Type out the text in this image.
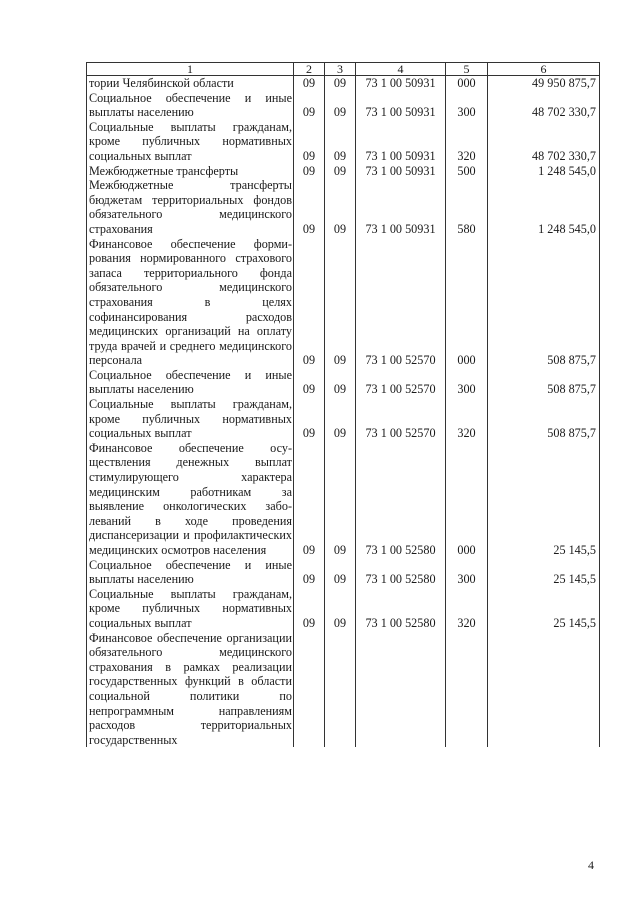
1	2	3	4	5	6
тории Челябинской области	09	09	73 1 00 50931	000	49 950 875,7
Социальное обеспечение и иные выплаты населению	09	09	73 1 00 50931	300	48 702 330,7
Социальные выплаты гражданам, кроме публичных нормативных социальных выплат	09	09	73 1 00 50931	320	48 702 330,7
Межбюджетные трансферты	09	09	73 1 00 50931	500	1 248 545,0
Межбюджетные трансферты бюджетам территориальных фондов обязательного медицинского страхования	09	09	73 1 00 50931	580	1 248 545,0
Финансовое обеспечение формирования нормированного страхового запаса территориального фонда обязательного медицинского страхования в целях софинансирования расходов медицинских организаций на оплату труда врачей и среднего медицинского персонала	09	09	73 1 00 52570	000	508 875,7
Социальное обеспечение и иные выплаты населению	09	09	73 1 00 52570	300	508 875,7
Социальные выплаты гражданам, кроме публичных нормативных социальных выплат	09	09	73 1 00 52570	320	508 875,7
Финансовое обеспечение осуществления денежных выплат стимулирующего характера медицинским работникам за выявление онкологических заболеваний в ходе проведения диспансеризации и профилактических медицинских осмотров населения	09	09	73 1 00 52580	000	25 145,5
Социальное обеспечение и иные выплаты населению	09	09	73 1 00 52580	300	25 145,5
Социальные выплаты гражданам, кроме публичных нормативных социальных выплат	09	09	73 1 00 52580	320	25 145,5
Финансовое обеспечение организации обязательного медицинского страхования в рамках реализации государственных функций в области социальной политики по непрограммным направлениям расходов территориальных государственных					
4
